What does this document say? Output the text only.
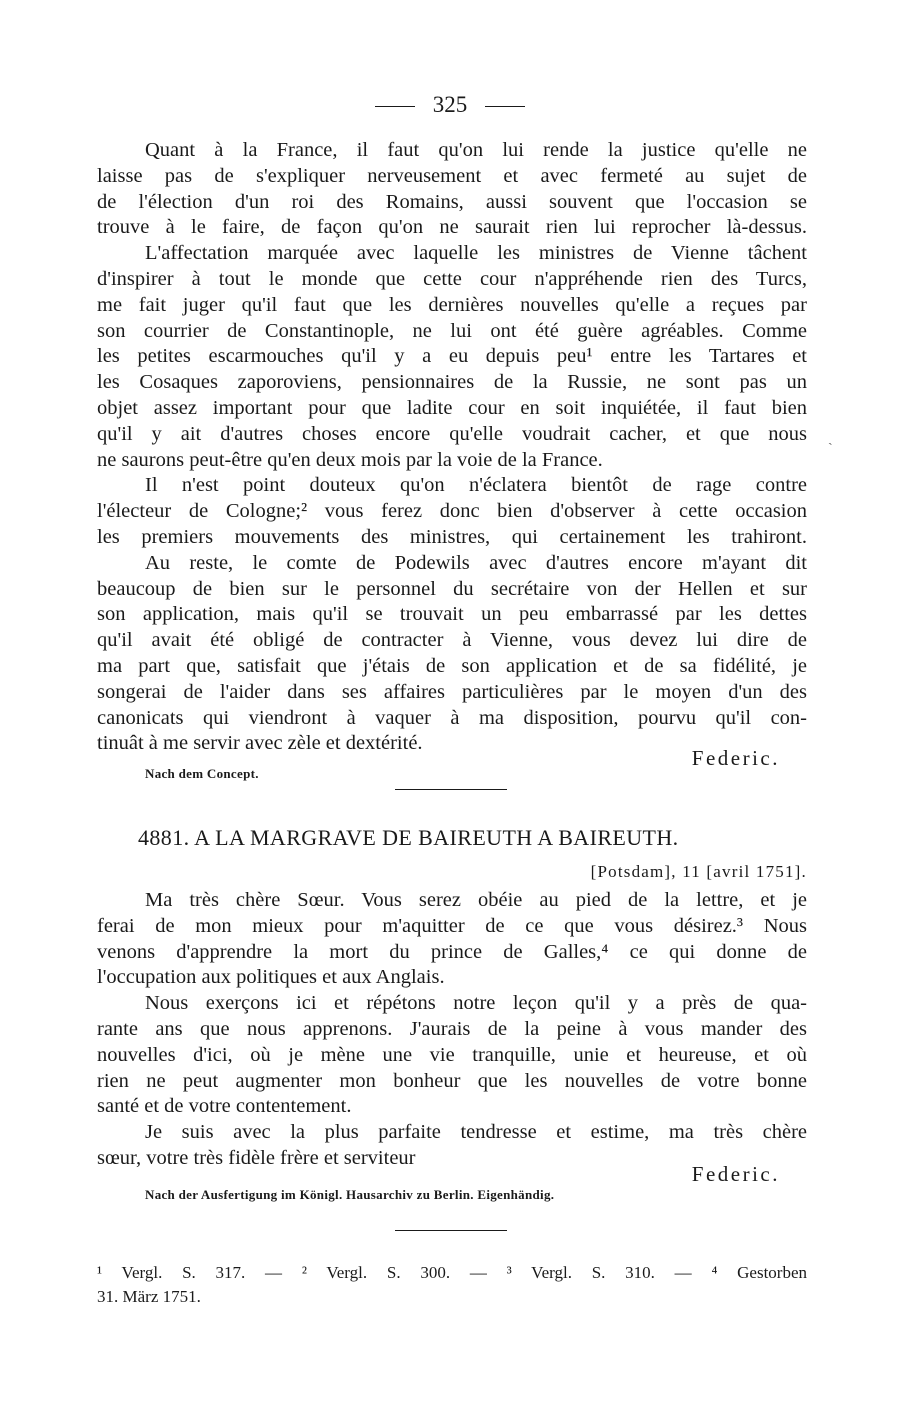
325
Quant à la France, il faut qu'on lui rende la justice qu'elle ne
laisse pas de s'expliquer nerveusement et avec fermeté au sujet de
de l'élection d'un roi des Romains, aussi souvent que l'occasion se
trouve à le faire, de façon qu'on ne saurait rien lui reprocher là-dessus.
L'affectation marquée avec laquelle les ministres de Vienne tâchent
d'inspirer à tout le monde que cette cour n'appréhende rien des Turcs,
me fait juger qu'il faut que les dernières nouvelles qu'elle a reçues par
son courrier de Constantinople, ne lui ont été guère agréables. Comme
les petites escarmouches qu'il y a eu depuis peu¹ entre les Tartares et
les Cosaques zaporoviens, pensionnaires de la Russie, ne sont pas un
objet assez important pour que ladite cour en soit inquiétée, il faut bien
qu'il y ait d'autres choses encore qu'elle voudrait cacher, et que nous
ne saurons peut-être qu'en deux mois par la voie de la France.
Il n'est point douteux qu'on n'éclatera bientôt de rage contre
l'électeur de Cologne;² vous ferez donc bien d'observer à cette occasion
les premiers mouvements des ministres, qui certainement les trahiront.
Au reste, le comte de Podewils avec d'autres encore m'ayant dit
beaucoup de bien sur le personnel du secrétaire von der Hellen et sur
son application, mais qu'il se trouvait un peu embarrassé par les dettes
qu'il avait été obligé de contracter à Vienne, vous devez lui dire de
ma part que, satisfait que j'étais de son application et de sa fidélité, je
songerai de l'aider dans ses affaires particulières par le moyen d'un des
canonicats qui viendront à vaquer à ma disposition, pourvu qu'il con-
tinuât à me servir avec zèle et dextérité.
ˏ
Federic.
Nach dem Concept.
4881. A LA MARGRAVE DE BAIREUTH A BAIREUTH.
[Potsdam], 11 [avril 1751].
Ma très chère Sœur. Vous serez obéie au pied de la lettre, et je
ferai de mon mieux pour m'aquitter de ce que vous désirez.³ Nous
venons d'apprendre la mort du prince de Galles,⁴ ce qui donne de
l'occupation aux politiques et aux Anglais.
Nous exerçons ici et répétons notre leçon qu'il y a près de qua-
rante ans que nous apprenons. J'aurais de la peine à vous mander des
nouvelles d'ici, où je mène une vie tranquille, unie et heureuse, et où
rien ne peut augmenter mon bonheur que les nouvelles de votre bonne
santé et de votre contentement.
Je suis avec la plus parfaite tendresse et estime, ma très chère
sœur, votre très fidèle frère et serviteur
Federic.
Nach der Ausfertigung im Königl. Hausarchiv zu Berlin. Eigenhändig.
¹ Vergl. S. 317. — ² Vergl. S. 300. — ³ Vergl. S. 310. — ⁴ Gestorben
31. März 1751.
